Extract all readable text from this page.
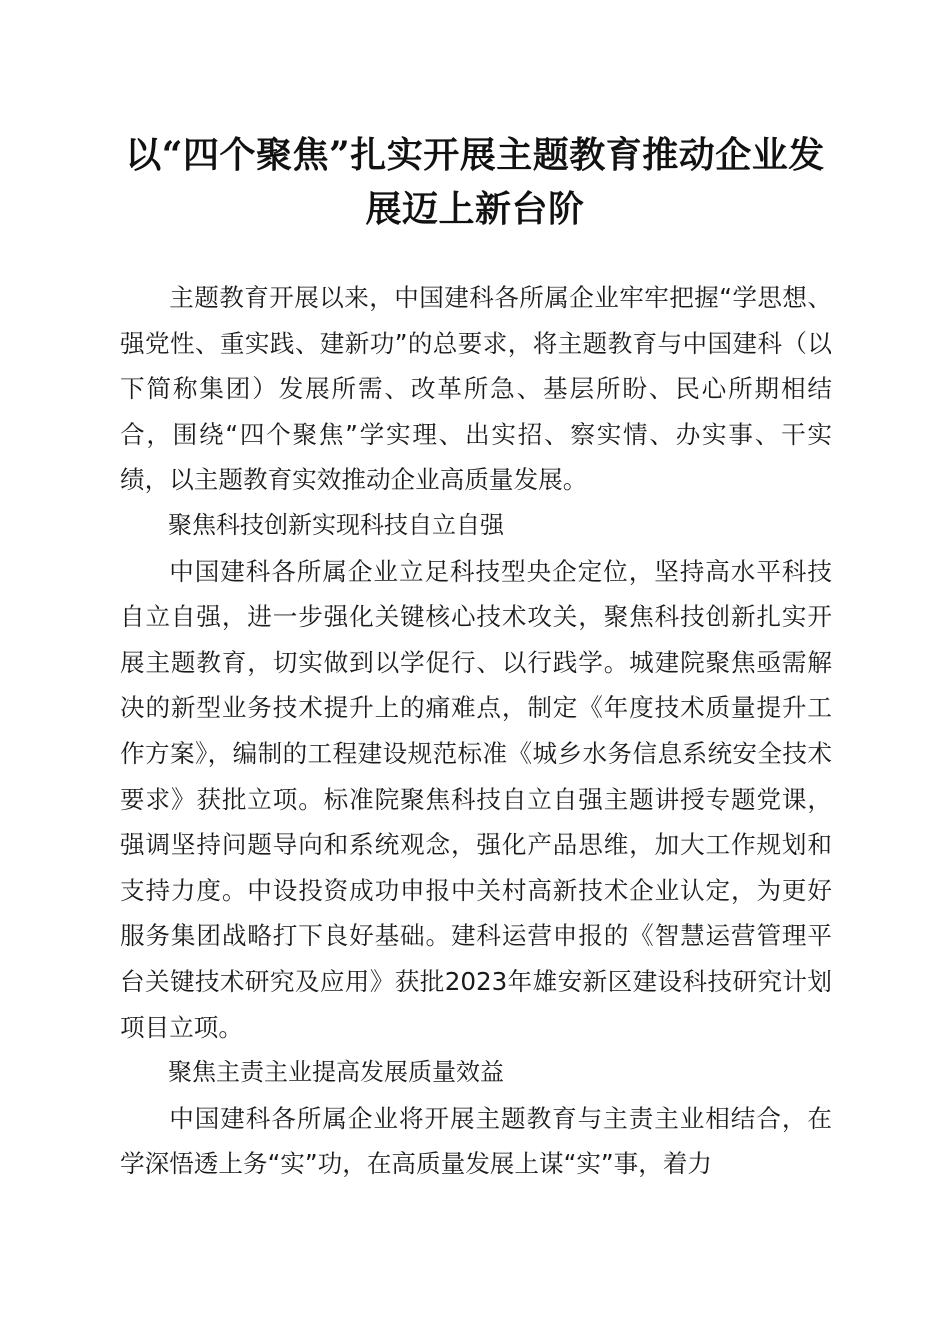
以“四个聚焦”扎实开展主题教育推动企业发展迈上新台阶

主题教育开展以来，中国建科各所属企业牢牢把握“学思想、强党性、重实践、建新功”的总要求，将主题教育与中国建科（以下简称集团）发展所需、改革所急、基层所盼、民心所期相结合，围绕“四个聚焦”学实理、出实招、察实情、办实事、干实绩，以主题教育实效推动企业高质量发展。

聚焦科技创新实现科技自立自强

中国建科各所属企业立足科技型央企定位，坚持高水平科技自立自强，进一步强化关键核心技术攻关，聚焦科技创新扎实开展主题教育，切实做到以学促行、以行践学。城建院聚焦亟需解决的新型业务技术提升上的痛难点，制定《年度技术质量提升工作方案》，编制的工程建设规范标准《城乡水务信息系统安全技术要求》获批立项。标准院聚焦科技自立自强主题讲授专题党课，强调坚持问题导向和系统观念，强化产品思维，加大工作规划和支持力度。中设投资成功申报中关村高新技术企业认定，为更好服务集团战略打下良好基础。建科运营申报的《智慧运营管理平台关键技术研究及应用》获批2023年雄安新区建设科技研究计划项目立项。

聚焦主责主业提高发展质量效益

中国建科各所属企业将开展主题教育与主责主业相结合，在学深悟透上务“实”功，在高质量发展上谋“实”事，着力
